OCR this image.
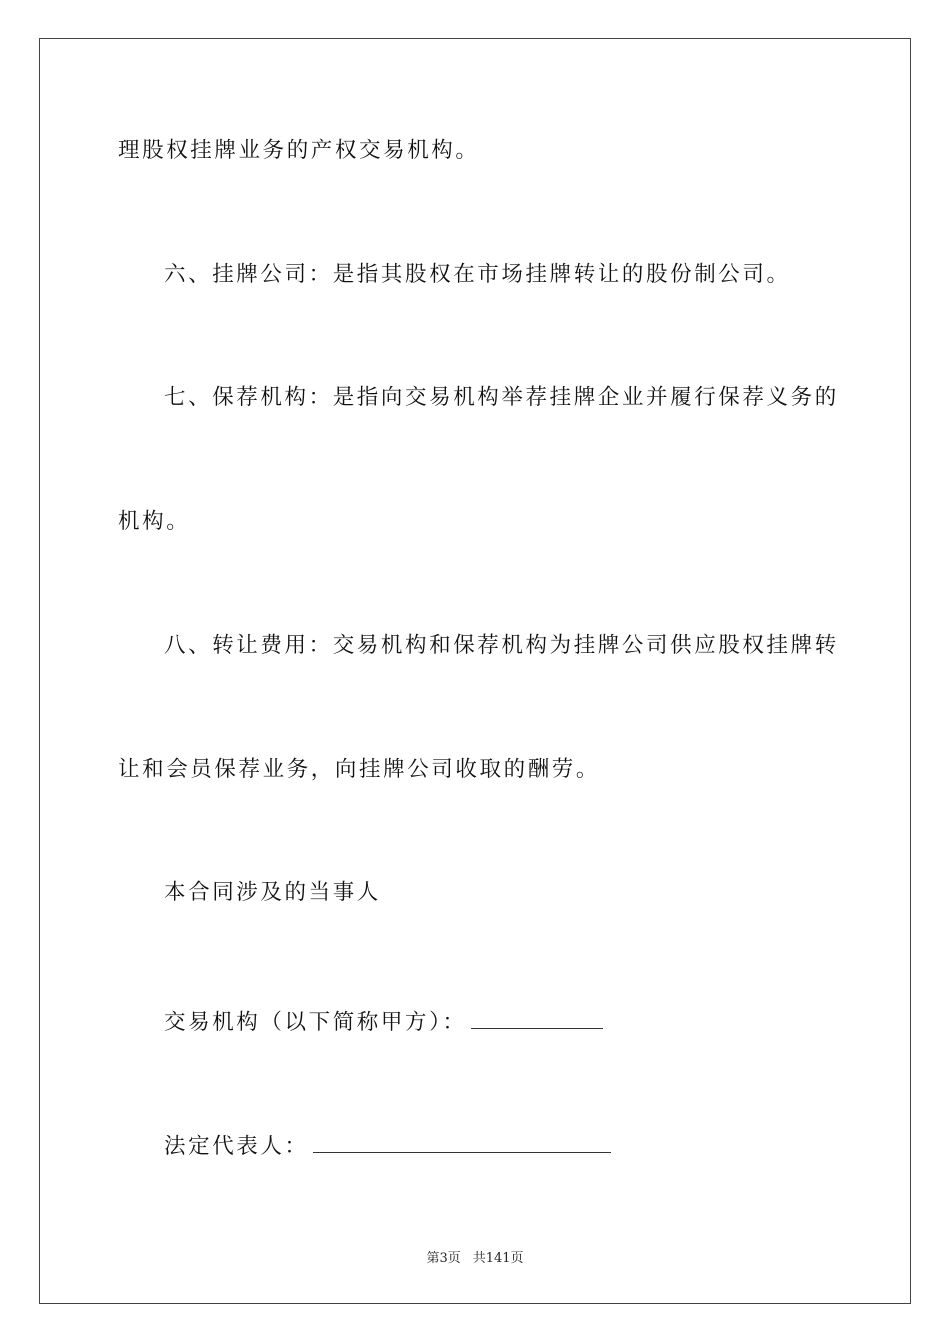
理股权挂牌业务的产权交易机构。
六、挂牌公司：是指其股权在市场挂牌转让的股份制公司。
七、保荐机构：是指向交易机构举荐挂牌企业并履行保荐义务的
机构。
八、转让费用：交易机构和保荐机构为挂牌公司供应股权挂牌转
让和会员保荐业务，向挂牌公司收取的酬劳。
本合同涉及的当事人
交易机构（以下简称甲方）：
法定代表人：
第3页 共141页
